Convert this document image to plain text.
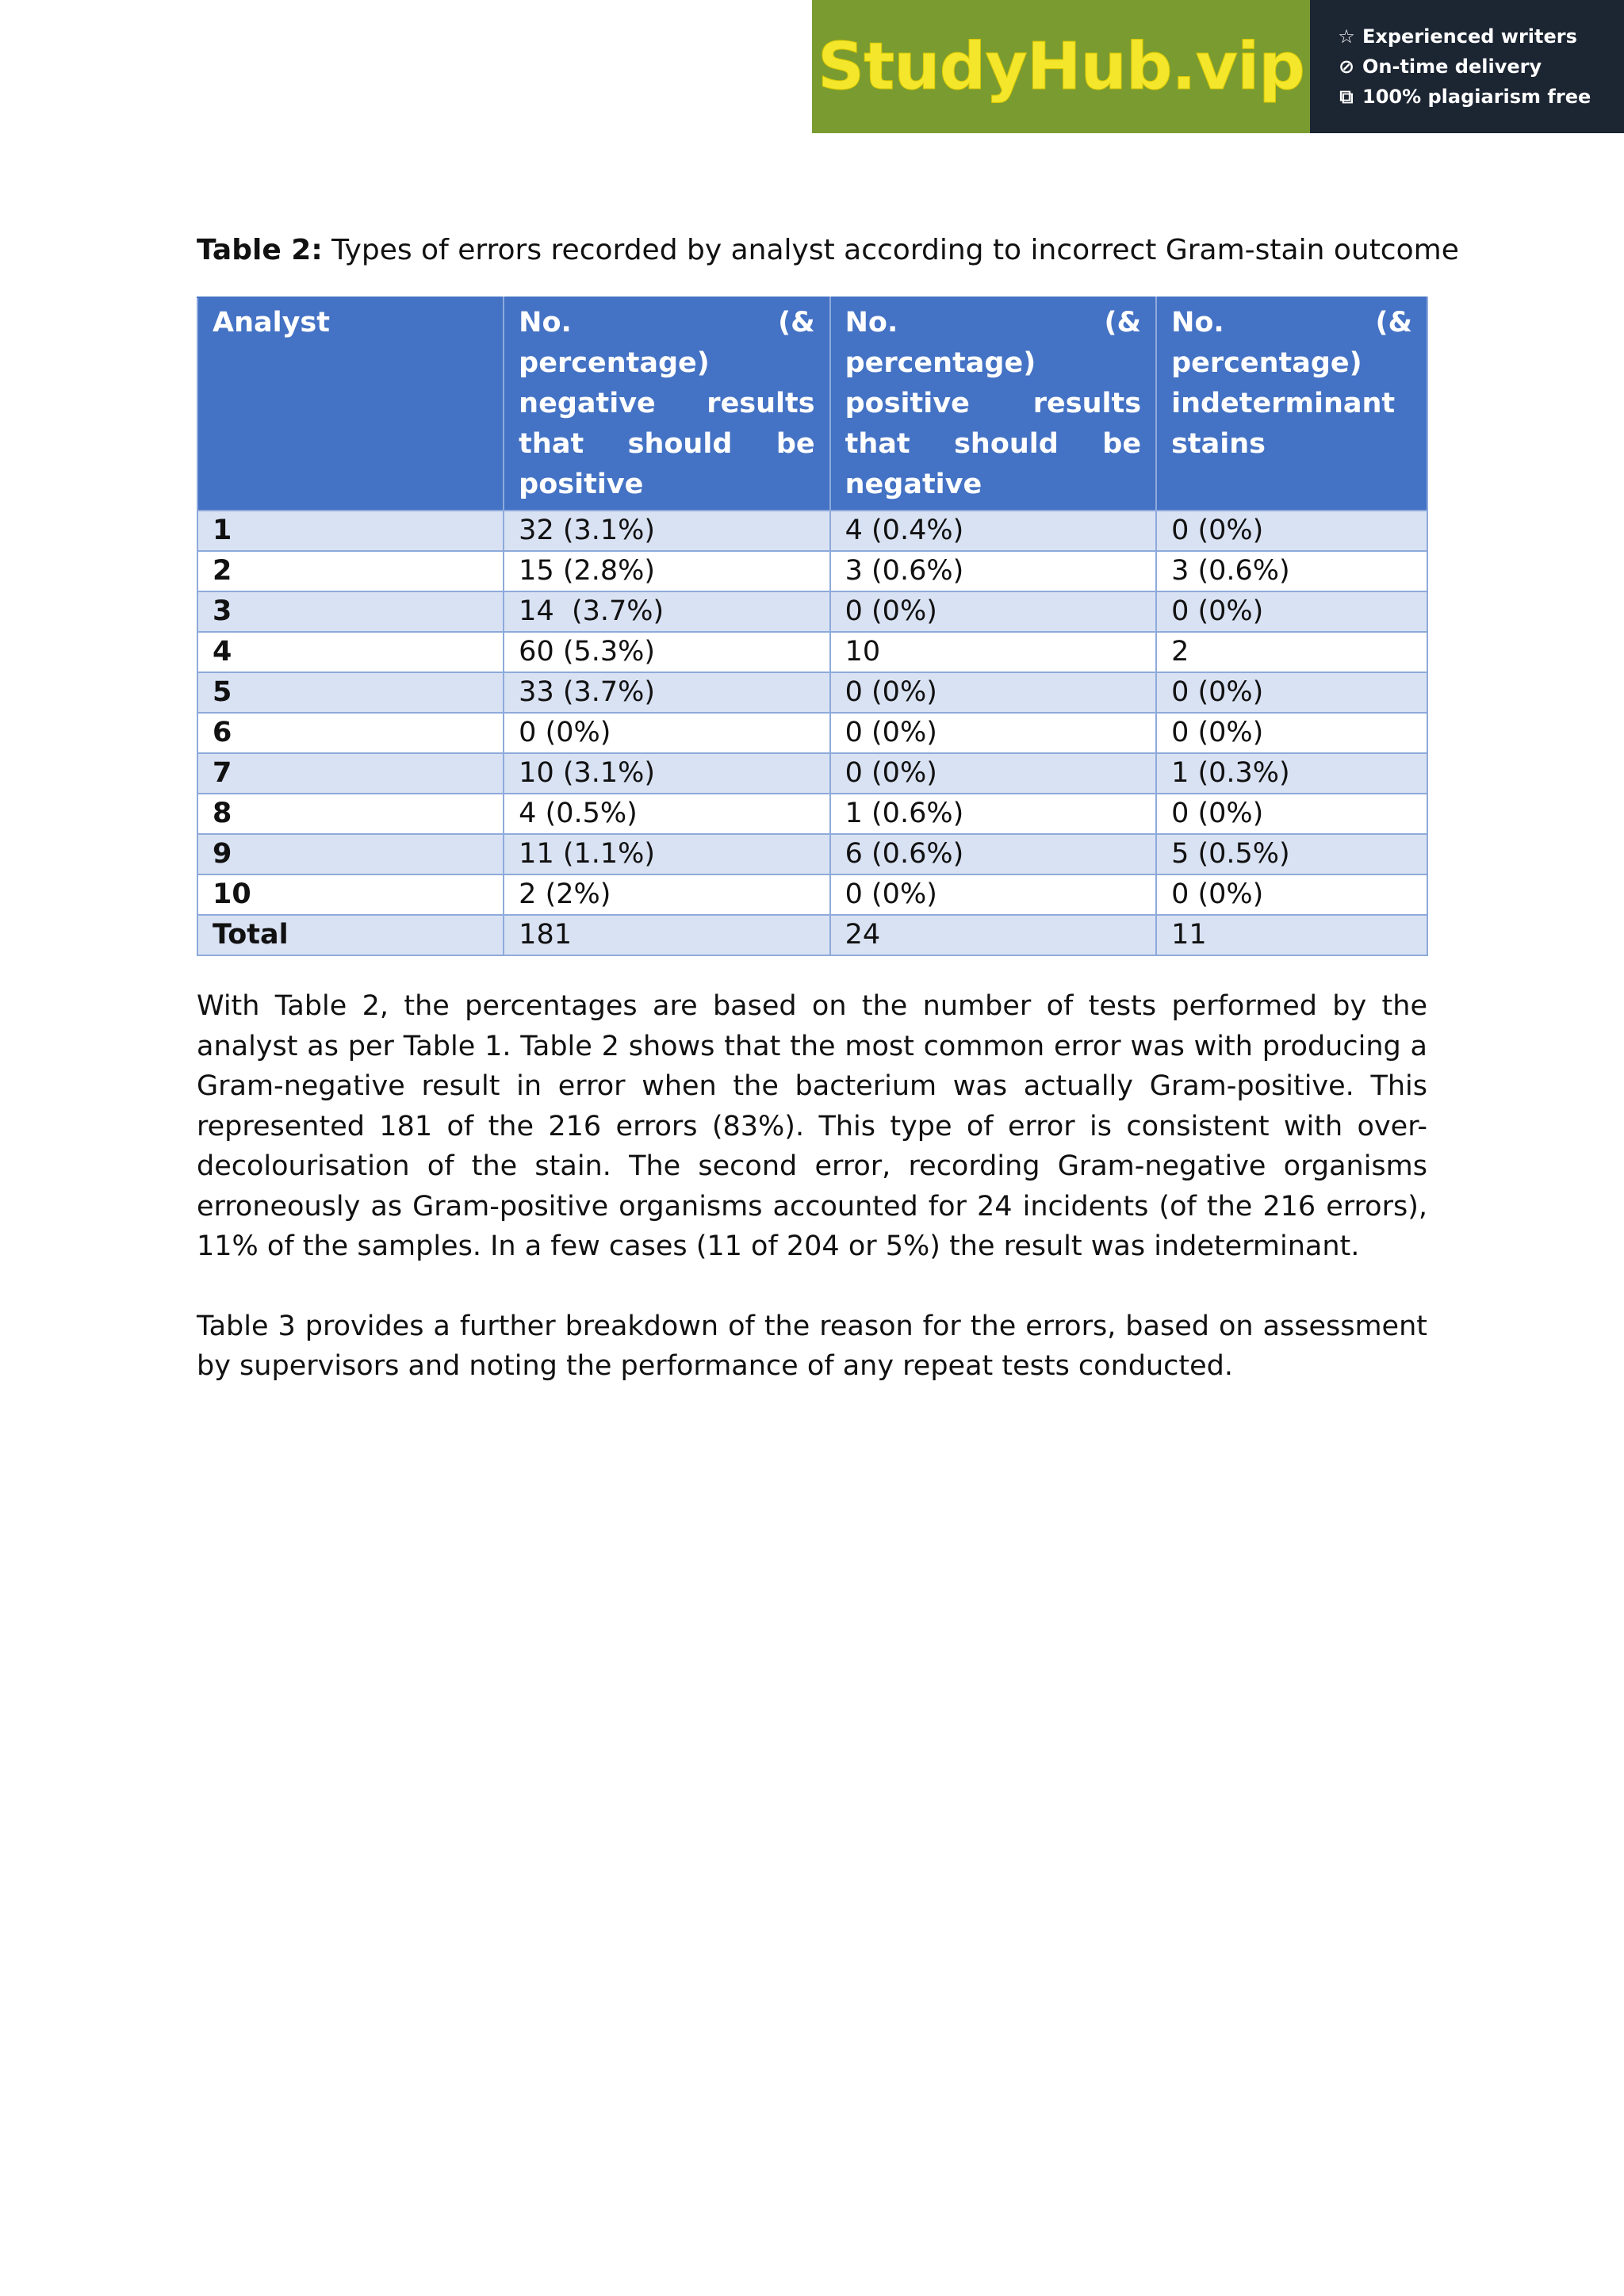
StudyHub.vip ☆ Experienced writers
⊘ On-time delivery
⧉ 100% plagiarism free

Table 2: Types of errors recorded by analyst according to incorrect Gram-stain outcome

Analyst	No. (& percentage) negative results that should be positive	No. (& percentage) positive results that should be negative	No. (& percentage) indeterminant stains
1	32 (3.1%)	4 (0.4%)	0 (0%)
2	15 (2.8%)	3 (0.6%)	3 (0.6%)
3	14  (3.7%)	0 (0%)	0 (0%)
4	60 (5.3%)	10	2
5	33 (3.7%)	0 (0%)	0 (0%)
6	0 (0%)	0 (0%)	0 (0%)
7	10 (3.1%)	0 (0%)	1 (0.3%)
8	4 (0.5%)	1 (0.6%)	0 (0%)
9	11 (1.1%)	6 (0.6%)	5 (0.5%)
10	2 (2%)	0 (0%)	0 (0%)
Total	181	24	11

With Table 2, the percentages are based on the number of tests performed by the analyst as per Table 1. Table 2 shows that the most common error was with producing a Gram-negative result in error when the bacterium was actually Gram-positive. This represented 181 of the 216 errors (83%). This type of error is consistent with over-decolourisation of the stain. The second error, recording Gram-negative organisms erroneously as Gram-positive organisms accounted for 24 incidents (of the 216 errors), 11% of the samples. In a few cases (11 of 204 or 5%) the result was indeterminant.

Table 3 provides a further breakdown of the reason for the errors, based on assessment by supervisors and noting the performance of any repeat tests conducted.
